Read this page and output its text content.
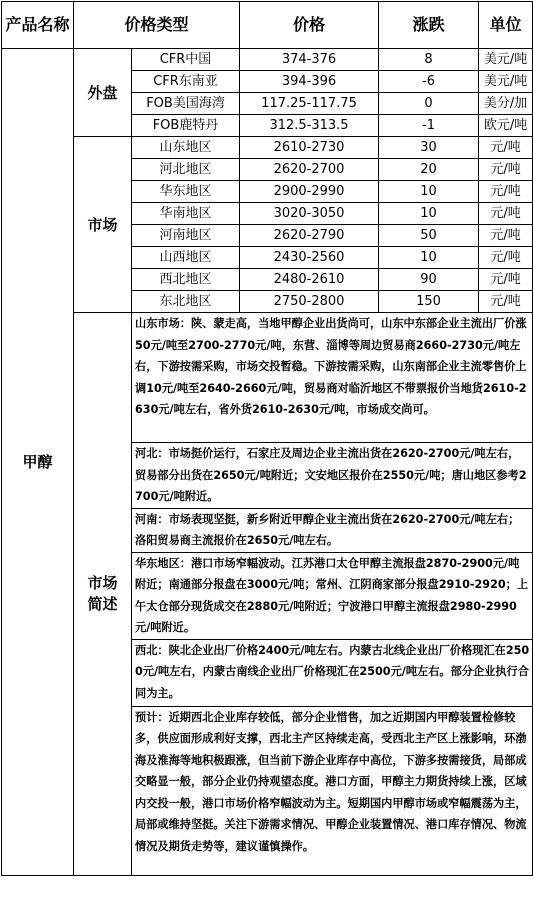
产品名称	价格类型		价格	涨跌	单位
甲醇	外盘	CFR中国	374-376	8	美元/吨
		CFR东南亚	394-396	-6	美元/吨
		FOB美国海湾	117.25-117.75	0	美分/加
		FOB鹿特丹	312.5-313.5	-1	欧元/吨
	市场	山东地区	2610-2730	30	元/吨
		河北地区	2620-2700	20	元/吨
		华东地区	2900-2990	10	元/吨
		华南地区	3020-3050	10	元/吨
		河南地区	2620-2790	50	元/吨
		山西地区	2430-2560	10	元/吨
		西北地区	2480-2610	90	元/吨
		东北地区	2750-2800	150	元/吨

	市场简述	山东市场：陕、蒙走高，当地甲醇企业出货尚可，山东中东部企业主流出厂价涨50元/吨至2700-2770元/吨，东营、淄博等周边贸易商2660-2730元/吨左右，下游按需采购，市场交投暂稳。下游按需采购，山东南部企业主流零售价上调10元/吨至2640-2660元/吨，贸易商对临沂地区不带票报价当地货2610-2630元/吨左右，省外货2610-2630元/吨，市场成交尚可。			
		河北：市场挺价运行，石家庄及周边企业主流出货在2620-2700元/吨左右，贸易部分出货在2650元/吨附近；文安地区报价在2550元/吨；唐山地区参考2700元/吨附近。			
		河南：市场表现坚挺，新乡附近甲醇企业主流出货在2620-2700元/吨左右；洛阳贸易商主流报价在2650元/吨左右。			
		华东地区：港口市场窄幅波动。江苏港口太仓甲醇主流报盘2870-2900元/吨附近；南通部分报盘在3000元/吨；常州、江阴商家部分报盘2910-2920；上午太仓部分现货成交在2880元/吨附近；宁波港口甲醇主流报盘2980-2990元/吨附近。			
		西北：陕北企业出厂价格2400元/吨左右。内蒙古北线企业出厂价格现汇在2500元/吨左右，内蒙古南线企业出厂价格现汇在2500元/吨左右。部分企业执行合同为主。			
		预计：近期西北企业库存较低，部分企业惜售，加之近期国内甲醇装置检修较多，供应面形成利好支撑，西北主产区持续走高，受西北主产区上涨影响，环渤海及淮海等地积极跟涨，但当前下游企业库存中高位，下游多按需接货，局部成交略显一般，部分企业仍持观望态度。港口方面，甲醇主力期货持续上涨，区域内交投一般，港口市场价格窄幅波动为主。短期国内甲醇市场或窄幅震荡为主，局部或维持坚挺。关注下游需求情况、甲醇企业装置情况、港口库存情况、物流情况及期货走势等，建议谨慎操作。			
